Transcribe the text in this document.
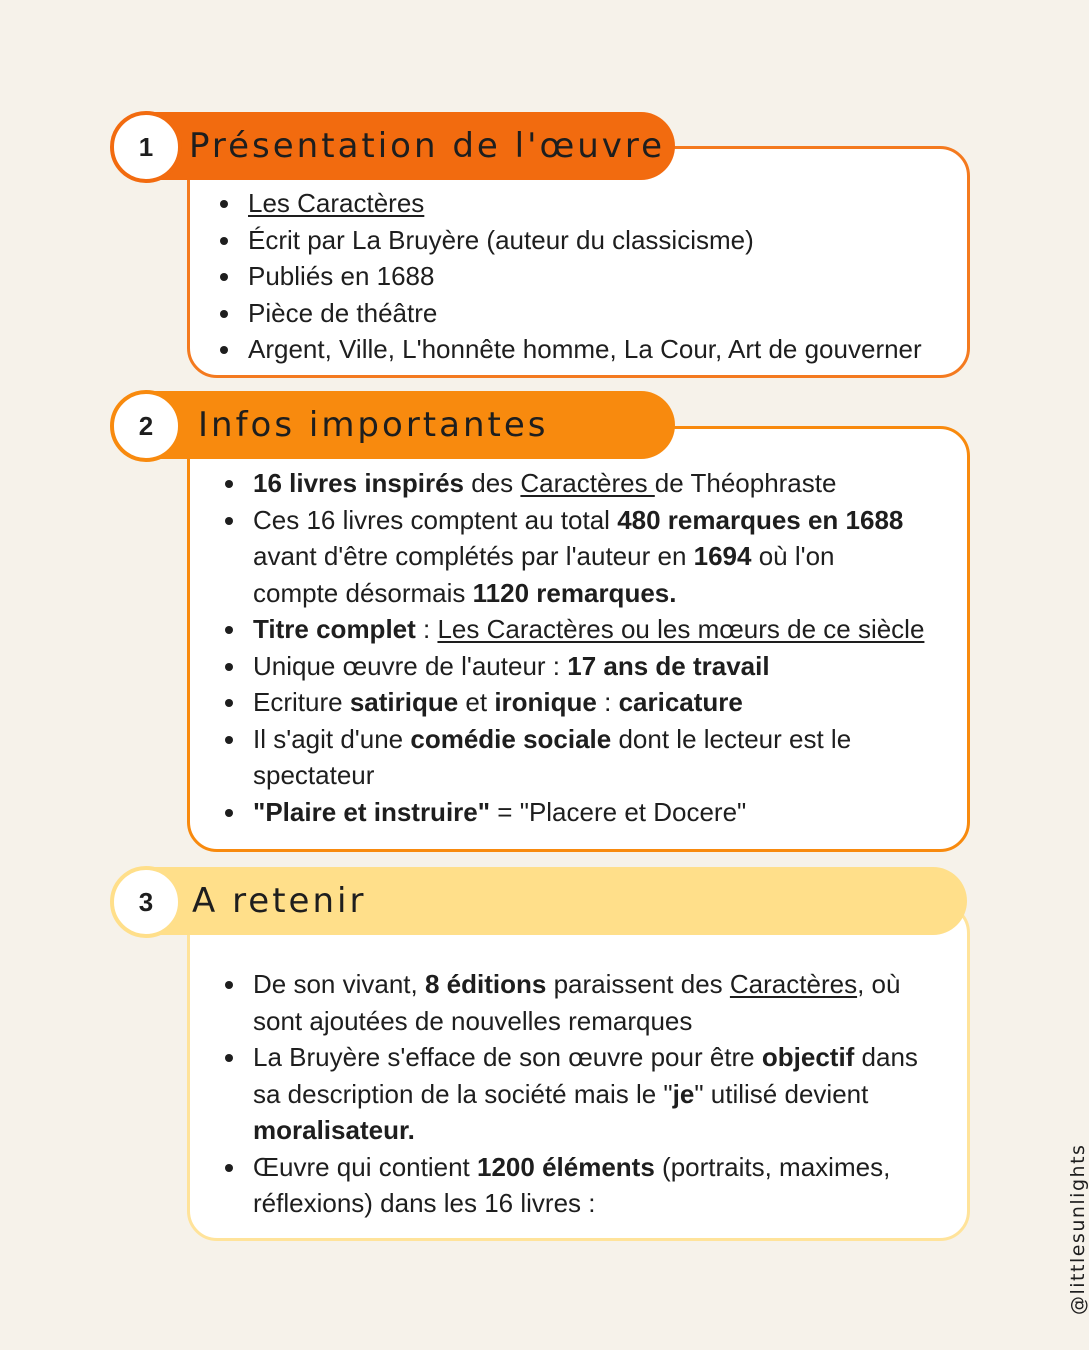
Les Caractères
Écrit par La Bruyère (auteur du classicisme)
Publiés en 1688
Pièce de théâtre
Argent, Ville, L'honnête homme, La Cour, Art de gouverner
Présentation de l'œuvre
1
16 livres inspirés des Caractères de Théophraste
Ces 16 livres comptent au total 480 remarques en 1688
avant d'être complétés par l'auteur en 1694 où l'on
compte désormais 1120 remarques.
Titre complet : Les Caractères ou les mœurs de ce siècle
Unique œuvre de l'auteur : 17 ans de travail
Ecriture satirique et ironique : caricature
Il s'agit d'une comédie sociale dont le lecteur est le
spectateur
"Plaire et instruire" = "Placere et Docere"
Infos importantes
2
De son vivant, 8 éditions paraissent des Caractères, où
sont ajoutées de nouvelles remarques
La Bruyère s'efface de son œuvre pour être objectif dans
sa description de la société mais le "je" utilisé devient
moralisateur.
Œuvre qui contient 1200 éléments (portraits, maximes,
réflexions) dans les 16 livres :
A retenir
3
@littlesunlights
